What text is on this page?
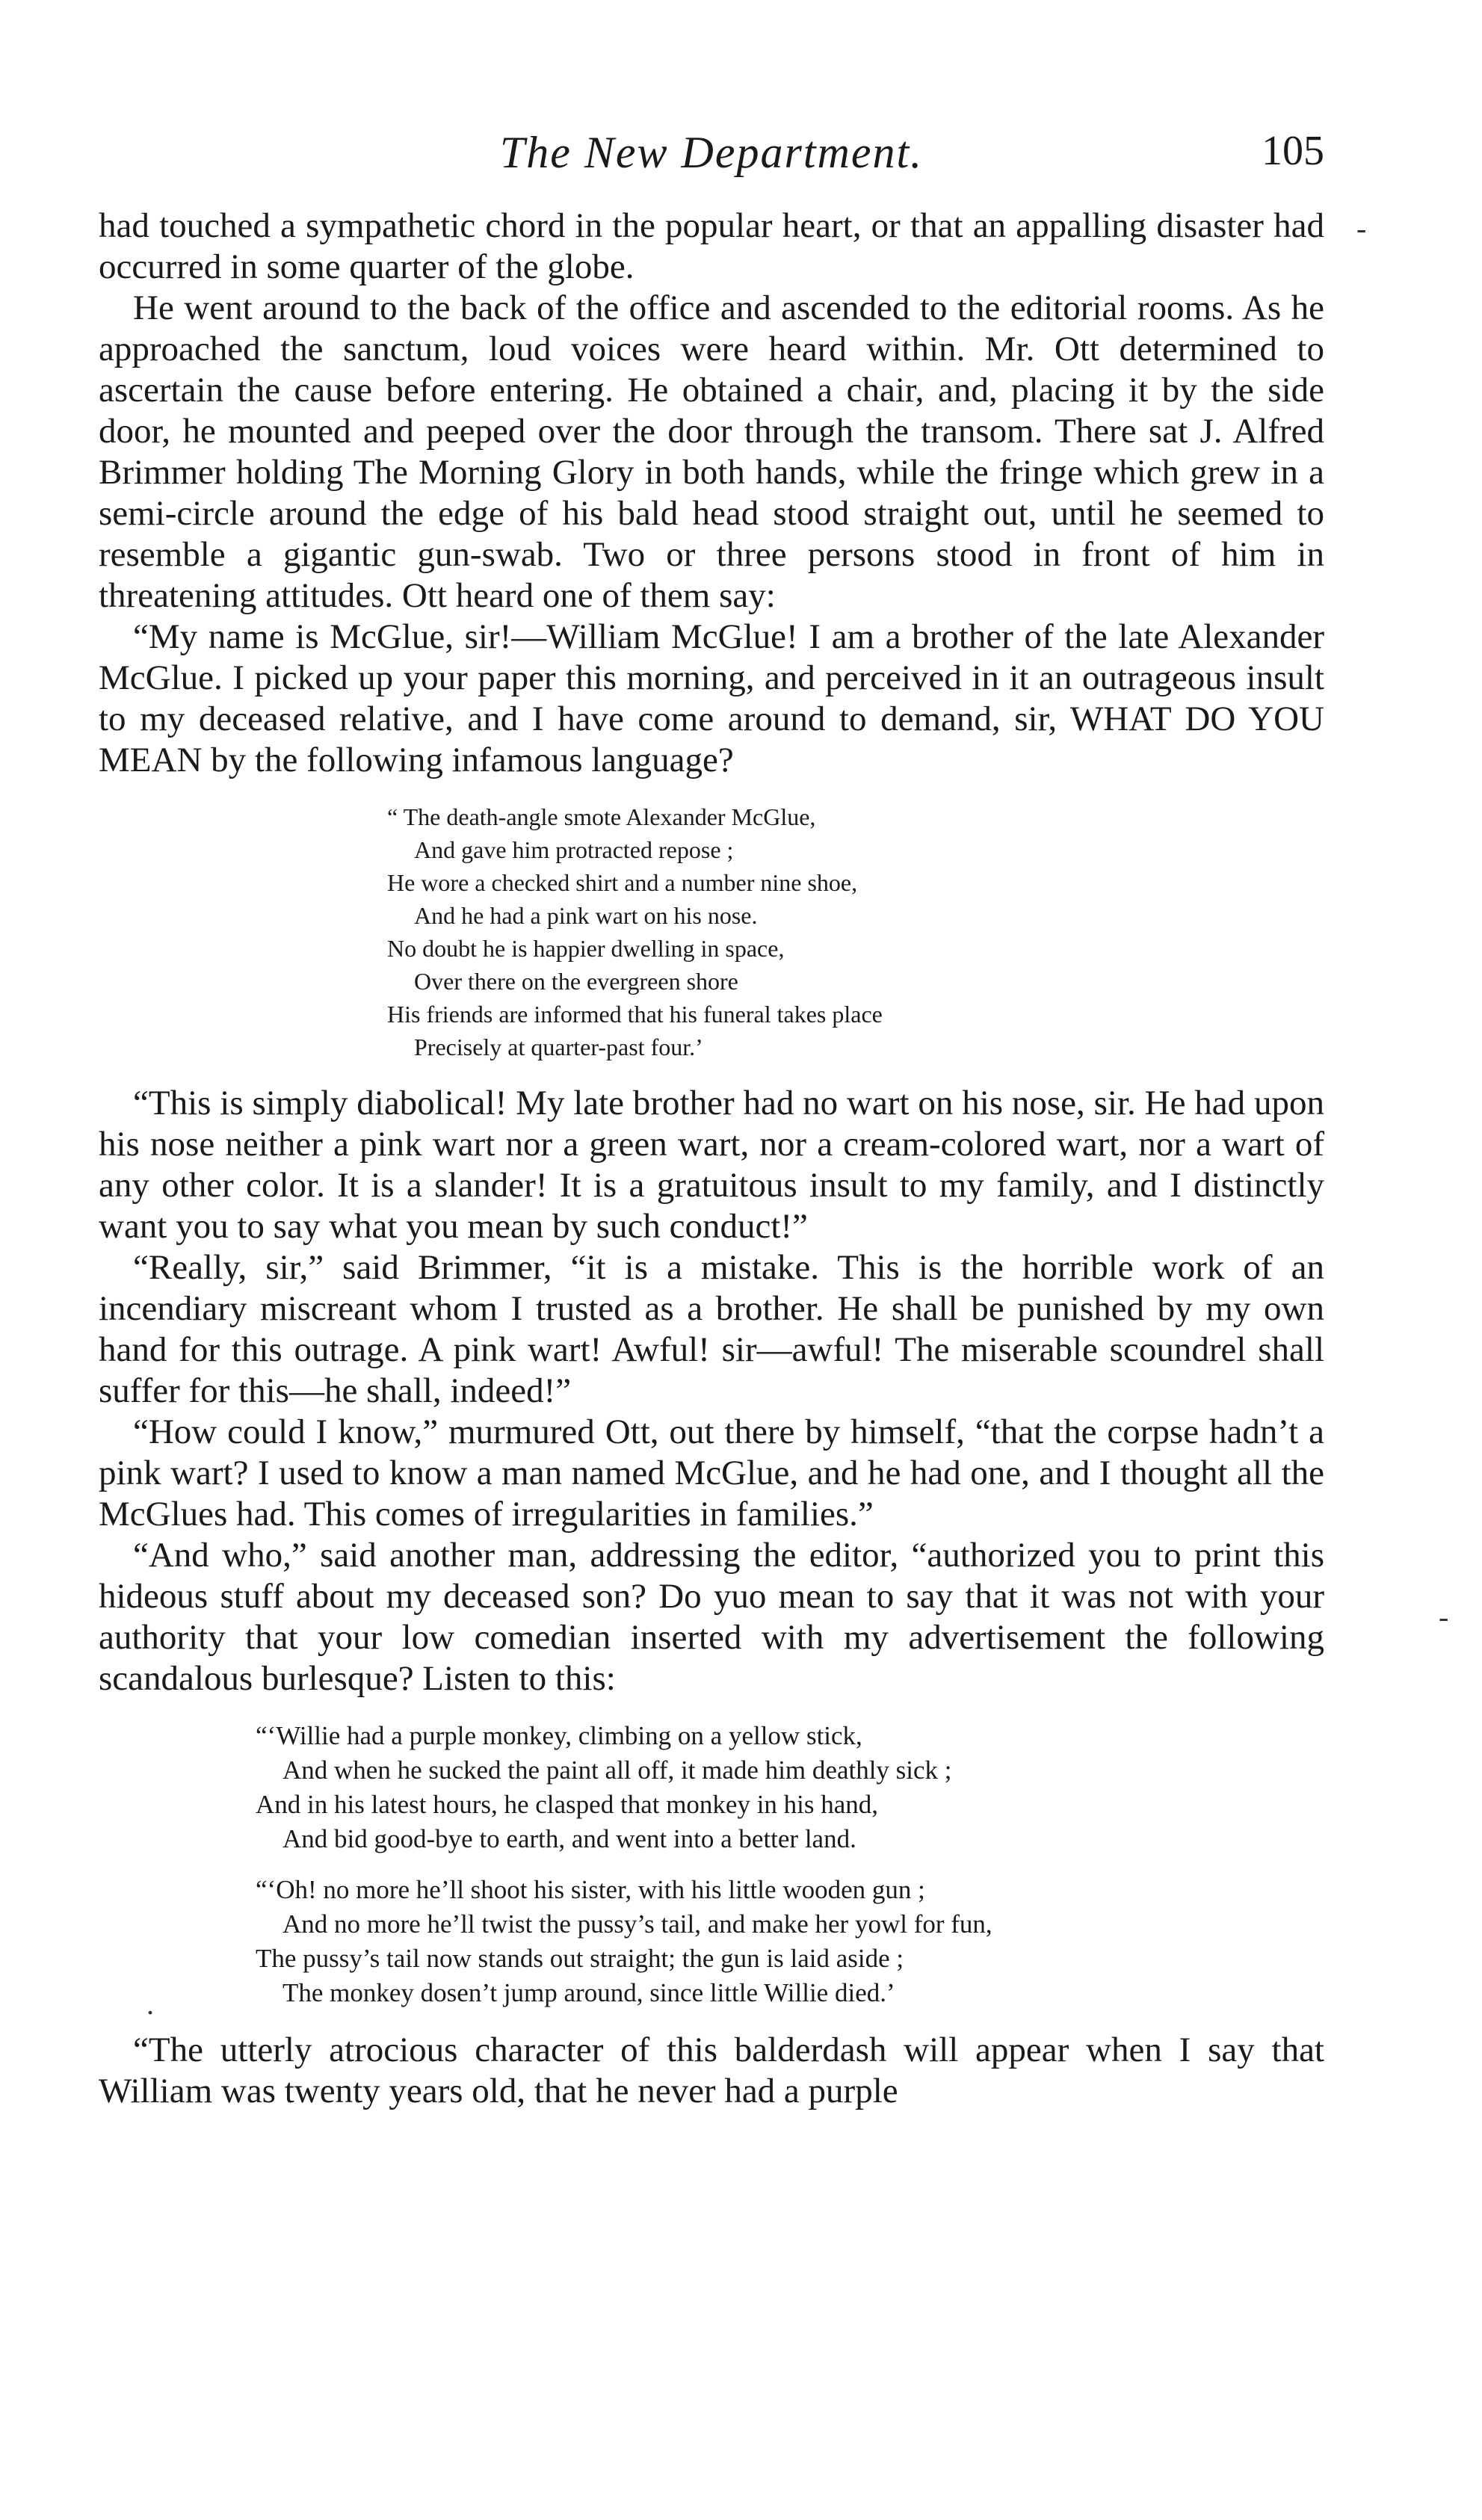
The New Department.	105
-
-
.

had touched a sympathetic chord in the popular heart, or that an appalling disaster had occurred in some quarter of the globe.

He went around to the back of the office and ascended to the editorial rooms. As he approached the sanctum, loud voices were heard within. Mr. Ott determined to ascertain the cause before entering. He obtained a chair, and, placing it by the side door, he mounted and peeped over the door through the transom. There sat J. Alfred Brimmer holding The Morning Glory in both hands, while the fringe which grew in a semi-circle around the edge of his bald head stood straight out, until he seemed to resemble a gigantic gun-swab. Two or three persons stood in front of him in threatening attitudes. Ott heard one of them say:

“My name is McGlue, sir!—William McGlue! I am a brother of the late Alexander McGlue. I picked up your paper this morning, and perceived in it an outrageous insult to my deceased relative, and I have come around to demand, sir, WHAT DO YOU MEAN by the following infamous language?

“ The death-angle smote Alexander McGlue,
And gave him protracted repose ;
He wore a checked shirt and a number nine shoe,
And he had a pink wart on his nose.
No doubt he is happier dwelling in space,
Over there on the evergreen shore
His friends are informed that his funeral takes place
Precisely at quarter-past four.’

“This is simply diabolical! My late brother had no wart on his nose, sir. He had upon his nose neither a pink wart nor a green wart, nor a cream-colored wart, nor a wart of any other color. It is a slander! It is a gratuitous insult to my family, and I distinctly want you to say what you mean by such conduct!”

“Really, sir,” said Brimmer, “it is a mistake. This is the horrible work of an incendiary miscreant whom I trusted as a brother. He shall be punished by my own hand for this outrage. A pink wart! Awful! sir—awful! The miserable scoundrel shall suffer for this—he shall, indeed!”

“How could I know,” murmured Ott, out there by himself, “that the corpse hadn’t a pink wart? I used to know a man named McGlue, and he had one, and I thought all the McGlues had. This comes of irregularities in families.”

“And who,” said another man, addressing the editor, “authorized you to print this hideous stuff about my deceased son? Do yuo mean to say that it was not with your authority that your low comedian inserted with my advertisement the following scandalous burlesque? Listen to this:

“‘Willie had a purple monkey, climbing on a yellow stick,
And when he sucked the paint all off, it made him deathly sick ;
And in his latest hours, he clasped that monkey in his hand,
And bid good-bye to earth, and went into a better land.
“‘Oh! no more he’ll shoot his sister, with his little wooden gun ;
And no more he’ll twist the pussy’s tail, and make her yowl for fun,
The pussy’s tail now stands out straight; the gun is laid aside ;
The monkey dosen’t jump around, since little Willie died.’

“The utterly atrocious character of this balderdash will appear when I say that William was twenty years old, that he never had a purple
